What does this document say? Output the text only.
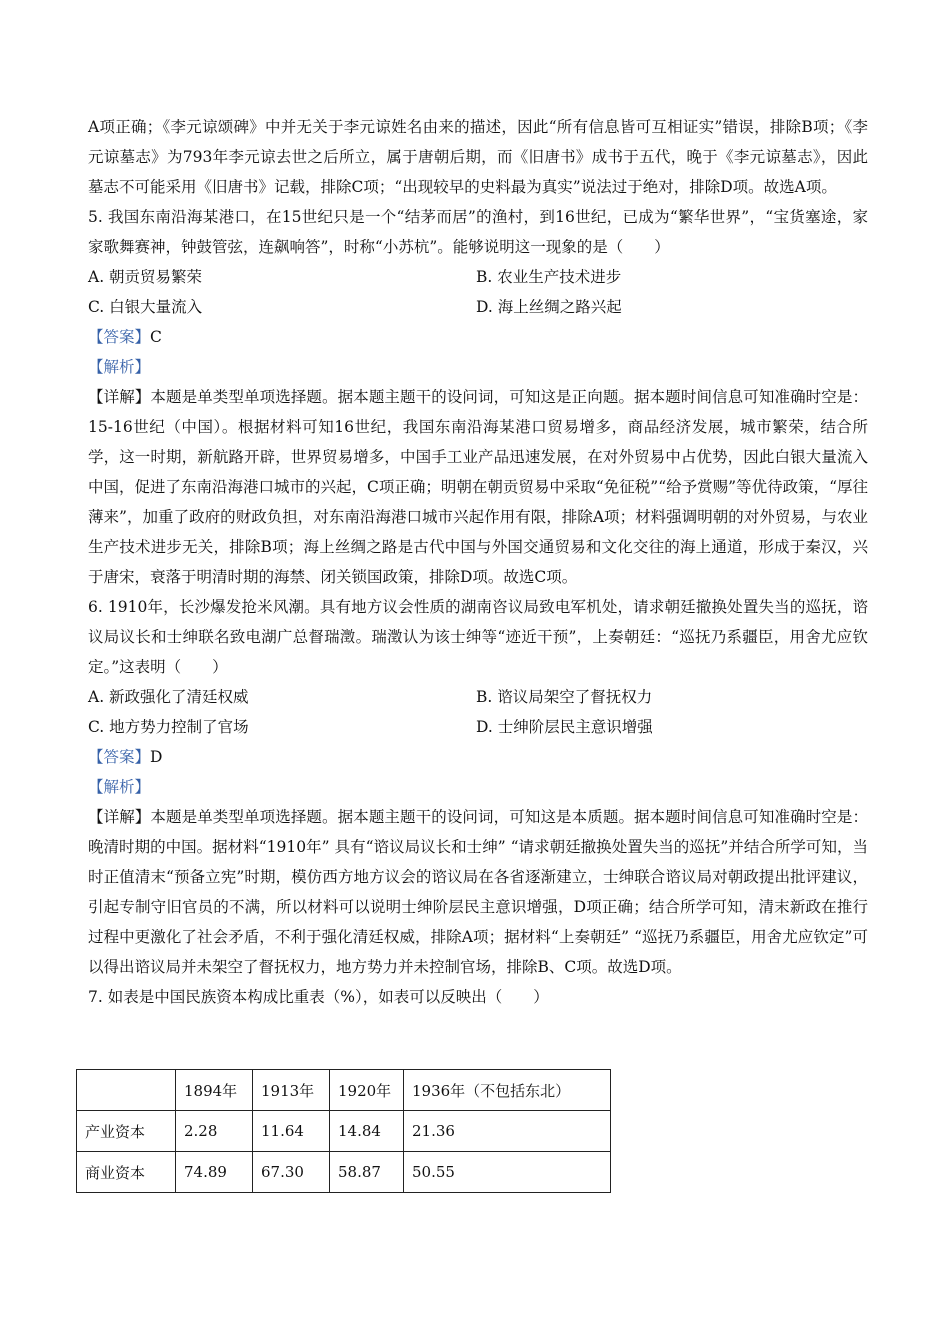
A项正确；《李元谅颂碑》中并无关于李元谅姓名由来的描述，因此“所有信息皆可互相证实”错误，排除B项；《李元谅墓志》为793年李元谅去世之后所立，属于唐朝后期，而《旧唐书》成书于五代，晚于《李元谅墓志》，因此墓志不可能采用《旧唐书》记载，排除C项；“出现较早的史料最为真实”说法过于绝对，排除D项。故选A项。

5. 我国东南沿海某港口，在15世纪只是一个“结茅而居”的渔村，到16世纪，已成为“繁华世界”，“宝货塞途，家家歌舞赛神，钟鼓管弦，连飙响答”，时称“小苏杭”。能够说明这一现象的是（　　）

A. 朝贡贸易繁荣	B. 农业生产技术进步
C. 白银大量流入	D. 海上丝绸之路兴起

【答案】C

【解析】

【详解】本题是单类型单项选择题。据本题主题干的设问词，可知这是正向题。据本题时间信息可知准确时空是：15-16世纪（中国）。根据材料可知16世纪，我国东南沿海某港口贸易增多，商品经济发展，城市繁荣，结合所学，这一时期，新航路开辟，世界贸易增多，中国手工业产品迅速发展，在对外贸易中占优势，因此白银大量流入中国，促进了东南沿海港口城市的兴起，C项正确；明朝在朝贡贸易中采取“免征税”“给予赏赐”等优待政策，“厚往薄来”，加重了政府的财政负担，对东南沿海港口城市兴起作用有限，排除A项；材料强调明朝的对外贸易，与农业生产技术进步无关，排除B项；海上丝绸之路是古代中国与外国交通贸易和文化交往的海上通道，形成于秦汉，兴于唐宋，衰落于明清时期的海禁、闭关锁国政策，排除D项。故选C项。

6. 1910年，长沙爆发抢米风潮。具有地方议会性质的湖南咨议局致电军机处，请求朝廷撤换处置失当的巡抚，谘议局议长和士绅联名致电湖广总督瑞澂。瑞澂认为该士绅等“迹近干预”，上奏朝廷：“巡抚乃系疆臣，用舍尤应钦定。”这表明（　　）

A. 新政强化了清廷权威	B. 谘议局架空了督抚权力
C. 地方势力控制了官场	D. 士绅阶层民主意识增强

【答案】D

【解析】

【详解】本题是单类型单项选择题。据本题主题干的设问词，可知这是本质题。据本题时间信息可知准确时空是：晚清时期的中国。据材料“1910年” 具有“谘议局议长和士绅” “请求朝廷撤换处置失当的巡抚”并结合所学可知，当时正值清末“预备立宪”时期，模仿西方地方议会的谘议局在各省逐渐建立，士绅联合谘议局对朝政提出批评建议，引起专制守旧官员的不满，所以材料可以说明士绅阶层民主意识增强，D项正确；结合所学可知，清末新政在推行过程中更激化了社会矛盾，不利于强化清廷权威，排除A项；据材料“上奏朝廷” “巡抚乃系疆臣，用舍尤应钦定”可以得出谘议局并未架空了督抚权力，地方势力并未控制官场，排除B、C项。故选D项。

7. 如表是中国民族资本构成比重表（%），如表可以反映出（　　）

	1894年	1913年	1920年	1936年（不包括东北）
产业资本	2.28	11.64	14.84	21.36
商业资本	74.89	67.30	58.87	50.55
